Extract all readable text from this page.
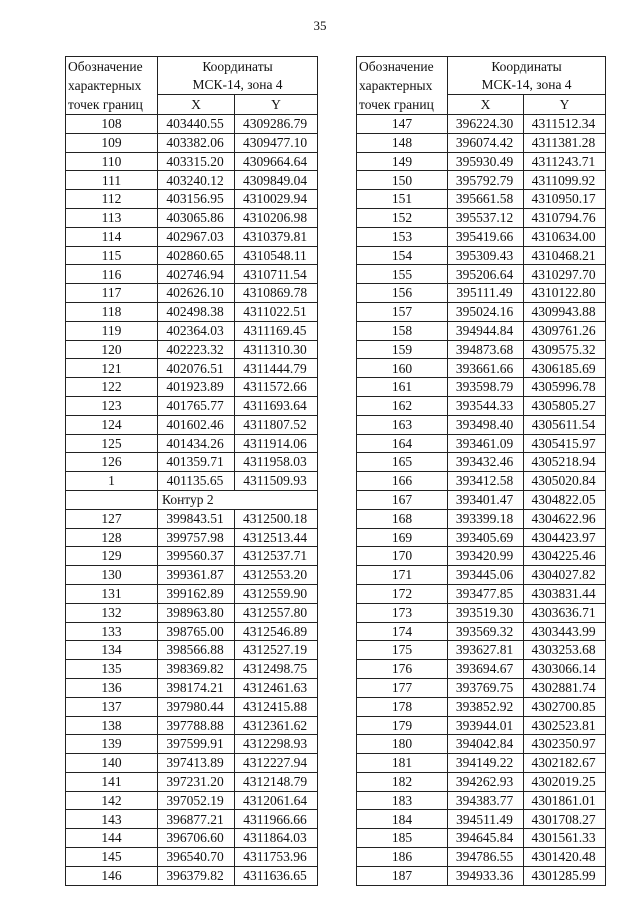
35
Обозначение
характерных
точек границ	Координаты
МСК-14, зона 4	
	X	Y
108	403440.55	4309286.79
109	403382.06	4309477.10
110	403315.20	4309664.64
111	403240.12	4309849.04
112	403156.95	4310029.94
113	403065.86	4310206.98
114	402967.03	4310379.81
115	402860.65	4310548.11
116	402746.94	4310711.54
117	402626.10	4310869.78
118	402498.38	4311022.51
119	402364.03	4311169.45
120	402223.32	4311310.30
121	402076.51	4311444.79
122	401923.89	4311572.66
123	401765.77	4311693.64
124	401602.46	4311807.52
125	401434.26	4311914.06
126	401359.71	4311958.03
1	401135.65	4311509.93
	Контур 2	
127	399843.51	4312500.18
128	399757.98	4312513.44
129	399560.37	4312537.71
130	399361.87	4312553.20
131	399162.89	4312559.90
132	398963.80	4312557.80
133	398765.00	4312546.89
134	398566.88	4312527.19
135	398369.82	4312498.75
136	398174.21	4312461.63
137	397980.44	4312415.88
138	397788.88	4312361.62
139	397599.91	4312298.93
140	397413.89	4312227.94
141	397231.20	4312148.79
142	397052.19	4312061.64
143	396877.21	4311966.66
144	396706.60	4311864.03
145	396540.70	4311753.96
146	396379.82	4311636.65
Обозначение
характерных
точек границ	Координаты
МСК-14, зона 4	
	X	Y
147	396224.30	4311512.34
148	396074.42	4311381.28
149	395930.49	4311243.71
150	395792.79	4311099.92
151	395661.58	4310950.17
152	395537.12	4310794.76
153	395419.66	4310634.00
154	395309.43	4310468.21
155	395206.64	4310297.70
156	395111.49	4310122.80
157	395024.16	4309943.88
158	394944.84	4309761.26
159	394873.68	4309575.32
160	393661.66	4306185.69
161	393598.79	4305996.78
162	393544.33	4305805.27
163	393498.40	4305611.54
164	393461.09	4305415.97
165	393432.46	4305218.94
166	393412.58	4305020.84
167	393401.47	4304822.05
168	393399.18	4304622.96
169	393405.69	4304423.97
170	393420.99	4304225.46
171	393445.06	4304027.82
172	393477.85	4303831.44
173	393519.30	4303636.71
174	393569.32	4303443.99
175	393627.81	4303253.68
176	393694.67	4303066.14
177	393769.75	4302881.74
178	393852.92	4302700.85
179	393944.01	4302523.81
180	394042.84	4302350.97
181	394149.22	4302182.67
182	394262.93	4302019.25
183	394383.77	4301861.01
184	394511.49	4301708.27
185	394645.84	4301561.33
186	394786.55	4301420.48
187	394933.36	4301285.99
